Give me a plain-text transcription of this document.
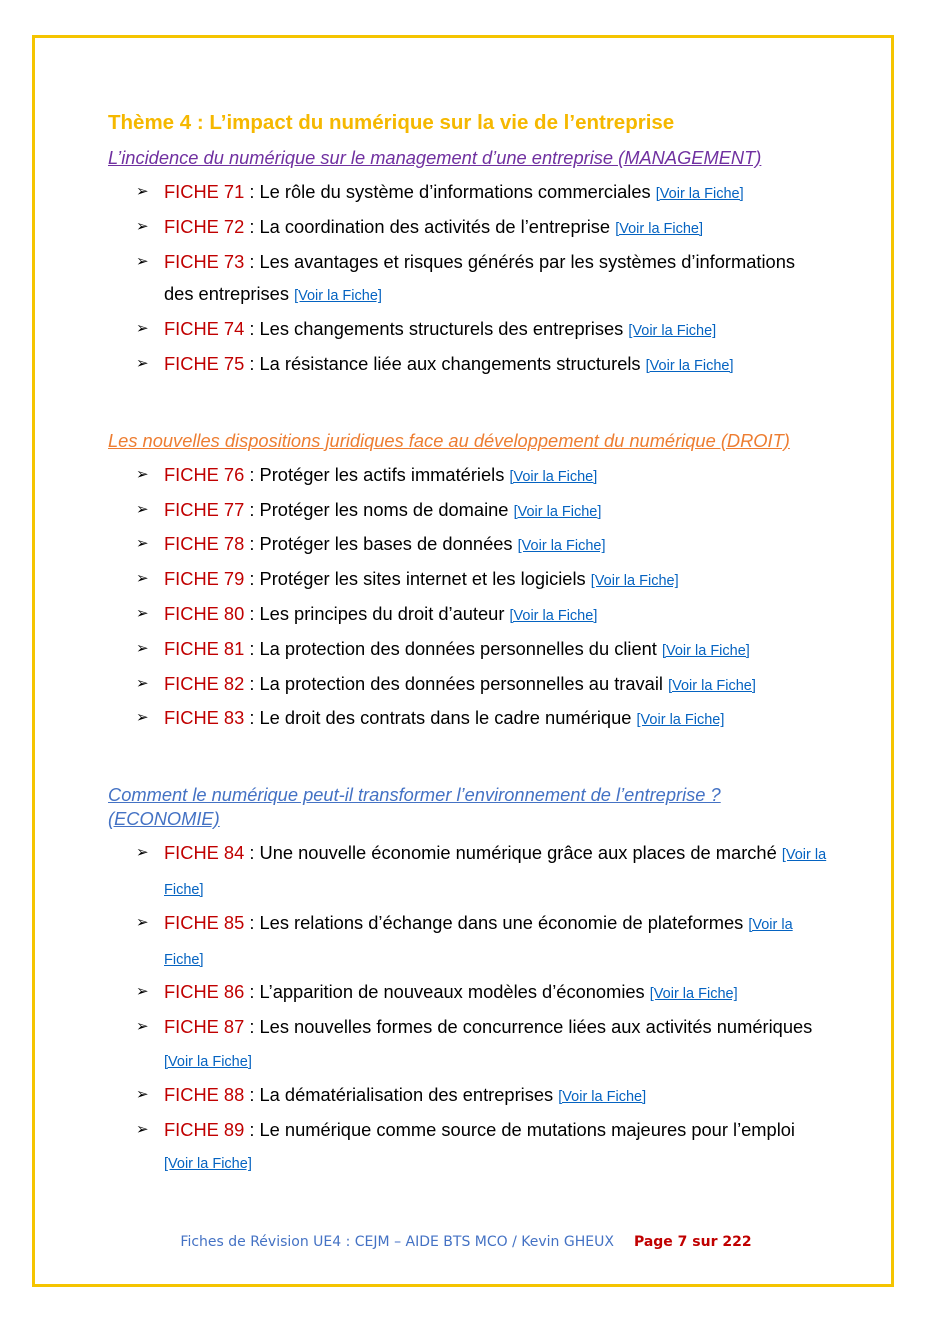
Thème 4 : L’impact du numérique sur la vie de l’entreprise
L’incidence du numérique sur le management d’une entreprise (MANAGEMENT)
➢ FICHE 71 : Le rôle du système d’informations commerciales [Voir la Fiche]
➢ FICHE 72 : La coordination des activités de l’entreprise [Voir la Fiche]
➢ FICHE 73 : Les avantages et risques générés par les systèmes d’informations des entreprises [Voir la Fiche]
➢ FICHE 74 : Les changements structurels des entreprises [Voir la Fiche]
➢ FICHE 75 : La résistance liée aux changements structurels [Voir la Fiche]
Les nouvelles dispositions juridiques face au développement du numérique (DROIT)
➢ FICHE 76 : Protéger les actifs immatériels [Voir la Fiche]
➢ FICHE 77 : Protéger les noms de domaine [Voir la Fiche]
➢ FICHE 78 : Protéger les bases de données [Voir la Fiche]
➢ FICHE 79 : Protéger les sites internet et les logiciels [Voir la Fiche]
➢ FICHE 80 : Les principes du droit d’auteur [Voir la Fiche]
➢ FICHE 81 : La protection des données personnelles du client [Voir la Fiche]
➢ FICHE 82 : La protection des données personnelles au travail [Voir la Fiche]
➢ FICHE 83 : Le droit des contrats dans le cadre numérique [Voir la Fiche]
Comment le numérique peut-il transformer l’environnement de l’entreprise ? (ECONOMIE)
➢ FICHE 84 : Une nouvelle économie numérique grâce aux places de marché [Voir la Fiche]
➢ FICHE 85 : Les relations d’échange dans une économie de plateformes [Voir la Fiche]
➢ FICHE 86 : L’apparition de nouveaux modèles d’économies [Voir la Fiche]
➢ FICHE 87 : Les nouvelles formes de concurrence liées aux activités numériques [Voir la Fiche]
➢ FICHE 88 : La dématérialisation des entreprises [Voir la Fiche]
➢ FICHE 89 : Le numérique comme source de mutations majeures pour l’emploi [Voir la Fiche]
Fiches de Révision UE4 : CEJM – AIDE BTS MCO / Kevin GHEUX Page 7 sur 222
